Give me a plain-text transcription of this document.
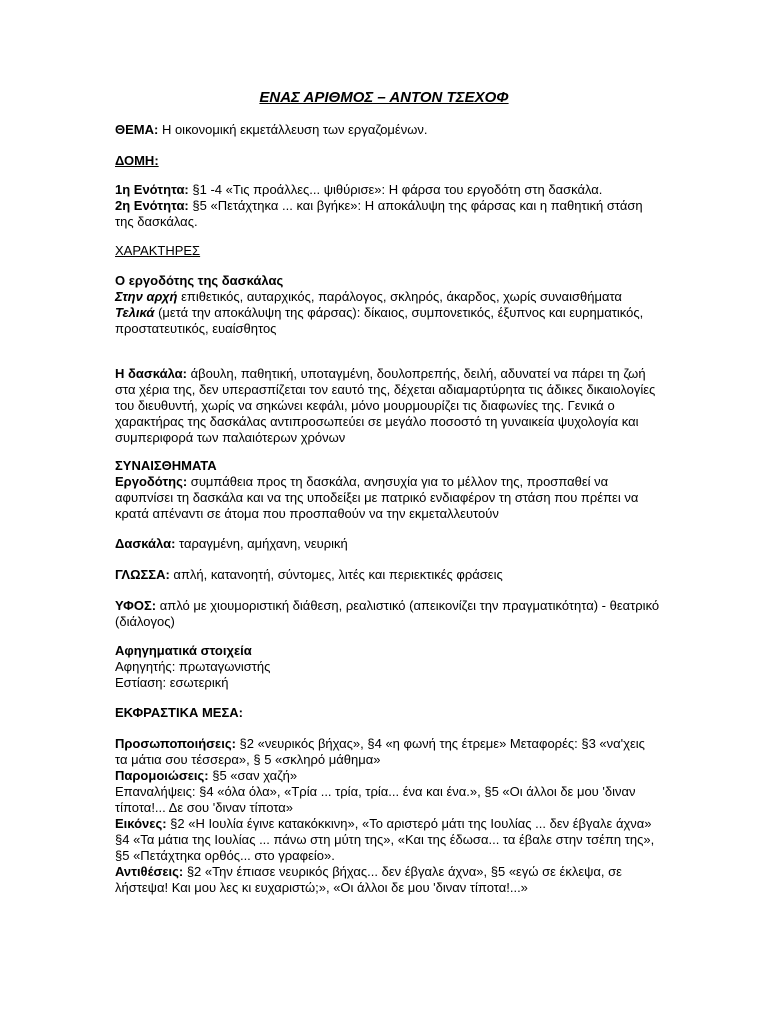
ΕΝΑΣ ΑΡΙΘΜΟΣ – ΑΝΤΟΝ ΤΣΕΧΟΦ
ΘΕΜΑ: Η οικονομική εκμετάλλευση των εργαζομένων.
ΔΟΜΗ:
1η Ενότητα: §1 -4 «Τις προάλλες... ψιθύρισε»: Η φάρσα του εργοδότη στη δασκάλα.
2η Ενότητα: §5 «Πετάχτηκα ... και βγήκε»: Η αποκάλυψη της φάρσας και η παθητική στάση της δασκάλας.
ΧΑΡΑΚΤΗΡΕΣ
Ο εργοδότης της δασκάλας
Στην αρχή επιθετικός, αυταρχικός, παράλογος, σκληρός, άκαρδος, χωρίς συναισθήματα
Τελικά (μετά την αποκάλυψη της φάρσας): δίκαιος, συμπονετικός, έξυπνος και ευρηματικός, προστατευτικός, ευαίσθητος
Η δασκάλα: άβουλη, παθητική, υποταγμένη, δουλοπρεπής, δειλή, αδυνατεί να πάρει τη ζωή στα χέρια της, δεν υπερασπίζεται τον εαυτό της, δέχεται αδιαμαρτύρητα τις άδικες δικαιολογίες του διευθυντή, χωρίς να σηκώνει κεφάλι, μόνο μουρμουρίζει τις διαφωνίες της. Γενικά ο χαρακτήρας της δασκάλας αντιπροσωπεύει σε μεγάλο ποσοστό τη γυναικεία ψυχολογία και συμπεριφορά των παλαιότερων χρόνων
ΣΥΝΑΙΣΘΗΜΑΤΑ
Εργοδότης: συμπάθεια προς τη δασκάλα, ανησυχία για το μέλλον της, προσπαθεί να αφυπνίσει τη δασκάλα και να της υποδείξει με πατρικό ενδιαφέρον τη στάση που πρέπει να κρατά απέναντι σε άτομα που προσπαθούν να την εκμεταλλευτούν
Δασκάλα: ταραγμένη, αμήχανη, νευρική
ΓΛΩΣΣΑ: απλή, κατανοητή, σύντομες, λιτές και περιεκτικές φράσεις
ΥΦΟΣ: απλό με χιουμοριστική διάθεση, ρεαλιστικό (απεικονίζει την πραγματικότητα) - θεατρικό (διάλογος)
Αφηγηματικά στοιχεία
Αφηγητής: πρωταγωνιστής
Εστίαση: εσωτερική
ΕΚΦΡΑΣΤΙΚΑ ΜΕΣΑ:
Προσωποποιήσεις: §2 «νευρικός βήχας», §4 «η φωνή της έτρεμε» Μεταφορές: §3 «να'χεις τα μάτια σου τέσσερα», § 5 «σκληρό μάθημα»
Παρομοιώσεις: §5 «σαν χαζή»
Επαναλήψεις: §4 «όλα όλα», «Τρία ... τρία, τρία... ένα και ένα.», §5 «Οι άλλοι δε μου 'διναν τίποτα!... Δε σου 'διναν τίποτα»
Εικόνες: §2 «Η Ιουλία έγινε κατακόκκινη», «Το αριστερό μάτι της Ιουλίας ... δεν έβγαλε άχνα» §4 «Τα μάτια της Ιουλίας ... πάνω στη μύτη της», «Και της έδωσα... τα έβαλε στην τσέπη της», §5 «Πετάχτηκα ορθός... στο γραφείο».
Αντιθέσεις: §2 «Την έπιασε νευρικός βήχας... δεν έβγαλε άχνα», §5 «εγώ σε έκλεψα, σε λήστεψα! Και μου λες κι ευχαριστώ;», «Οι άλλοι δε μου 'διναν τίποτα!...»
